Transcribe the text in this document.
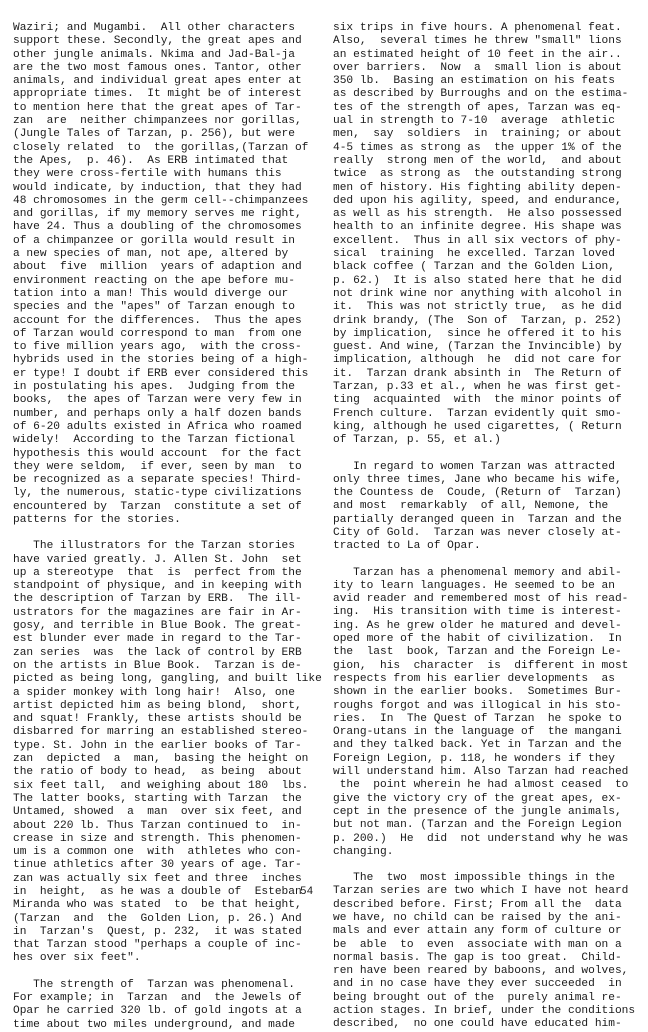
Waziri; and Mugambi.  All other characters
support these. Secondly, the great apes and
other jungle animals. Nkima and Jad-Bal-ja
are the two most famous ones. Tantor, other
animals, and individual great apes enter at
appropriate times.  It might be of interest
to mention here that the great apes of Tar-
zan  are  neither chimpanzees nor gorillas,
(Jungle Tales of Tarzan, p. 256), but were
closely related  to  the gorillas,(Tarzan of
the Apes,  p. 46).  As ERB intimated that
they were cross-fertile with humans this
would indicate, by induction, that they had
48 chromosomes in the germ cell--chimpanzees
and gorillas, if my memory serves me right,
have 24. Thus a doubling of the chromosomes
of a chimpanzee or gorilla would result in
a new species of man, not ape, altered by
about  five  million  years of adaption and
environment reacting on the ape before mu-
tation into a man! This would diverge our
species and the "apes" of Tarzan enough to
account for the differences.  Thus the apes
of Tarzan would correspond to man  from one
to five million years ago,  with the cross-
hybrids used in the stories being of a high-
er type! I doubt if ERB ever considered this
in postulating his apes.  Judging from the
books,  the apes of Tarzan were very few in
number, and perhaps only a half dozen bands
of 6-20 adults existed in Africa who roamed
widely!  According to the Tarzan fictional
hypothesis this would account  for the fact
they were seldom,  if ever, seen by man  to
be recognized as a separate species! Third-
ly, the numerous, static-type civilizations
encountered by  Tarzan  constitute a set of
patterns for the stories.
The illustrators for the Tarzan stories
have varied greatly. J. Allen St. John  set
up a stereotype  that  is  perfect from the
standpoint of physique, and in keeping with
the description of Tarzan by ERB.  The ill-
ustrators for the magazines are fair in Ar-
gosy, and terrible in Blue Book. The great-
est blunder ever made in regard to the Tar-
zan series  was  the lack of control by ERB
on the artists in Blue Book.  Tarzan is de-
picted as being long, gangling, and built like
a spider monkey with long hair!  Also, one
artist depicted him as being blond,  short,
and squat! Frankly, these artists should be
disbarred for marring an established stereo-
type. St. John in the earlier books of Tar-
zan  depicted  a  man,  basing the height on
the ratio of body to head,  as being  about
six feet tall,  and weighing about 180  lbs.
The latter books, starting with Tarzan  the
Untamed, showed  a  man  over six feet, and
about 220 lb. Thus Tarzan continued to  in-
crease in size and strength. This phenomen-
um is a common one  with  athletes who con-
tinue athletics after 30 years of age. Tar-
zan was actually six feet and three  inches
in  height,  as he was a double of  Esteban
Miranda who was stated  to  be that height,
(Tarzan  and  the  Golden Lion, p. 26.) And
in  Tarzan's  Quest, p. 232,  it was stated
that Tarzan stood "perhaps a couple of inc-
hes over six feet".
The strength of  Tarzan was phenomenal.
For example; in  Tarzan  and  the Jewels of
Opar he carried 320 lb. of gold ingots at a
time about two miles underground, and made
six trips in five hours. A phenomenal feat.
Also,  several times he threw "small" lions
an estimated height of 10 feet in the air..
over barriers.  Now  a  small lion is about
350 lb.  Basing an estimation on his feats
as described by Burroughs and on the estima-
tes of the strength of apes, Tarzan was eq-
ual in strength to 7-10  average  athletic
men,  say  soldiers  in  training; or about
4-5 times as strong as  the upper 1% of the
really  strong men of the world,  and about
twice  as strong as  the outstanding strong
men of history. His fighting ability depen-
ded upon his agility, speed, and endurance,
as well as his strength.  He also possessed
health to an infinite degree. His shape was
excellent.  Thus in all six vectors of phy-
sical  training  he excelled. Tarzan loved
black coffee ( Tarzan and the Golden Lion,
p. 62.)  It is also stated here that he did
not drink wine nor anything with alcohol in
it.  This was not strictly true,  as he did
drink brandy, (The  Son of  Tarzan, p. 252)
by implication,  since he offered it to his
guest. And wine, (Tarzan the Invincible) by
implication, although  he  did not care for
it.  Tarzan drank absinth in  The Return of
Tarzan, p.33 et al., when he was first get-
ting  acquainted  with  the minor points of
French culture.  Tarzan evidently quit smo-
king, although he used cigarettes, ( Return
of Tarzan, p. 55, et al.)
In regard to women Tarzan was attracted
only three times, Jane who became his wife,
the Countess de  Coude, (Return of  Tarzan)
and most  remarkably  of all, Nemone, the
partially deranged queen in  Tarzan and the
City of Gold.  Tarzan was never closely at-
tracted to La of Opar.
Tarzan has a phenomenal memory and abil-
ity to learn languages. He seemed to be an
avid reader and remembered most of his read-
ing.  His transition with time is interest-
ing. As he grew older he matured and devel-
oped more of the habit of civilization.  In
the  last  book, Tarzan and the Foreign Le-
gion,  his  character  is  different in most
respects from his earlier developments  as
shown in the earlier books.  Sometimes Bur-
roughs forgot and was illogical in his sto-
ries.  In  The Quest of Tarzan  he spoke to
Orang-utans in the language of  the mangani
and they talked back. Yet in Tarzan and the
Foreign Legion, p. 118, he wonders if they
will understand him. Also Tarzan had reached
the  point wherein he had almost ceased  to
give the victory cry of the great apes, ex-
cept in the presence of the jungle animals,
but not man. (Tarzan and the Foreign Legion
p. 200.)  He  did  not understand why he was
changing.
The  two  most impossible things in the
Tarzan series are two which I have not heard
described before. First; From all the  data
we have, no child can be raised by the ani-
mals and ever attain any form of culture or
be  able  to  even  associate with man on a
normal basis. The gap is too great.  Child-
ren have been reared by baboons, and wolves,
and in no case have they ever succeeded  in
being brought out of the  purely animal re-
action stages. In brief, under the conditions
described,  no one could have educated him-
54
